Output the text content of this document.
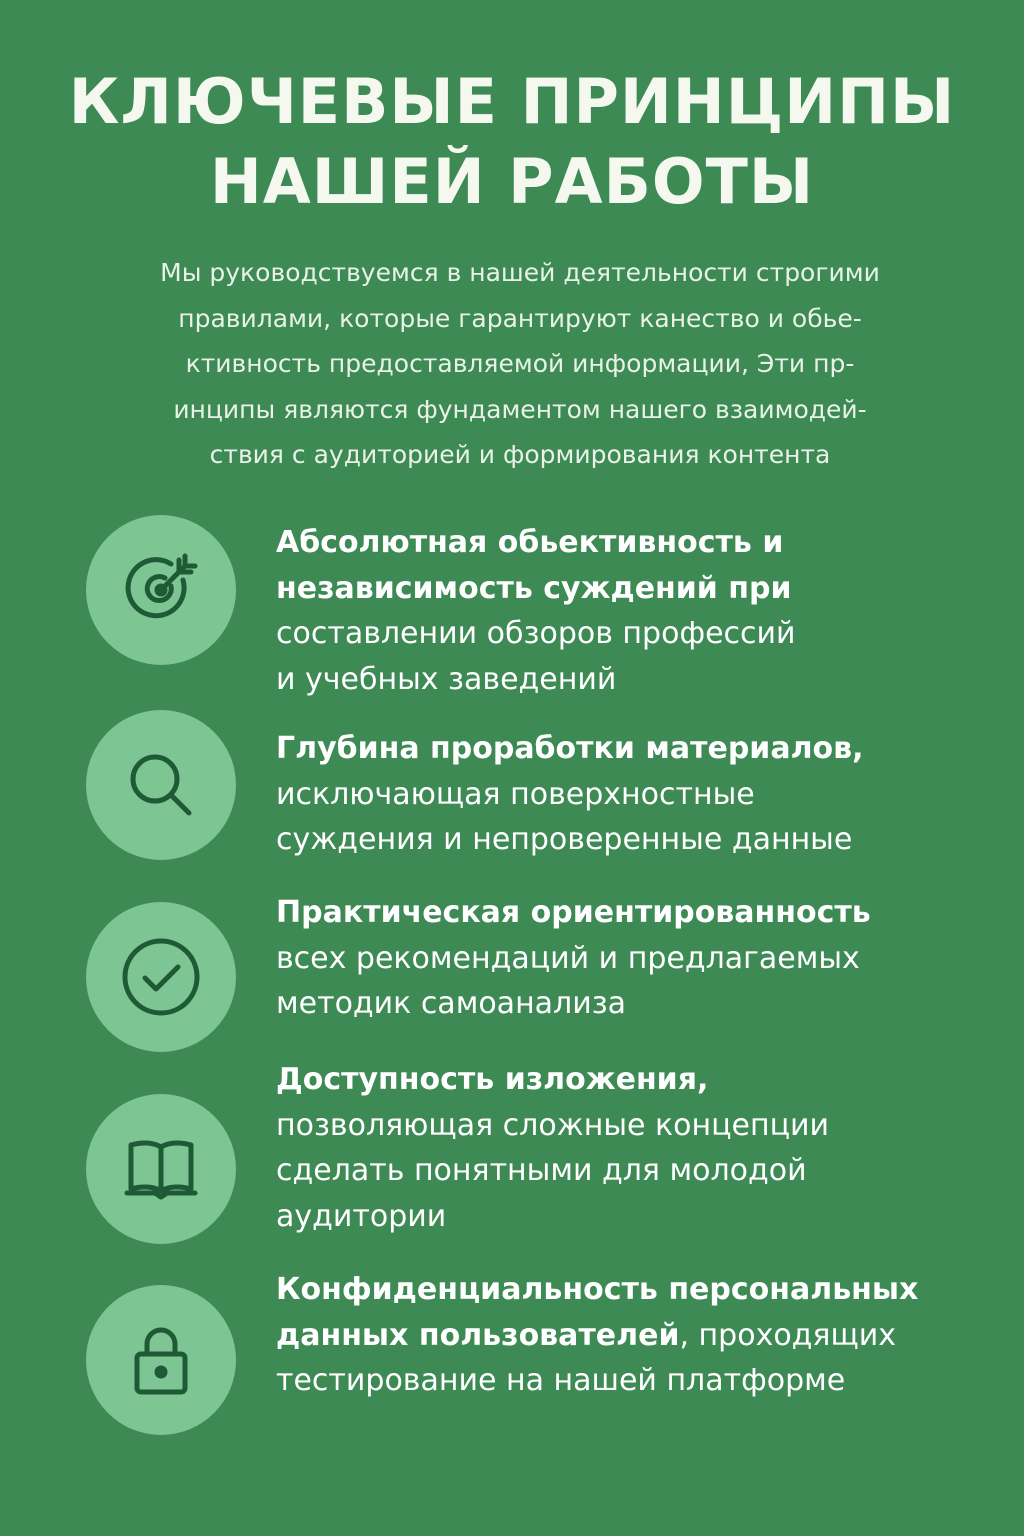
КЛЮЧЕВЫЕ ПРИНЦИПЫ
НАШЕЙ РАБОТЫ

Мы руководствуемся в нашей деятельности строгими
правилами, которые гарантируют канество и обье-
ктивность предоставляемой информации, Эти пр-
инципы являются фундаментом нашего взаимодей-
ствия с аудиторией и формирования контента

Абсолютная обьективность и
независимость суждений при
составлении обзоров профессий
и учебных заведений

Глубина проработки материалов,
исключающая поверхностные
суждения и непроверенные данные

Практическая ориентированность
всех рекомендаций и предлагаемых
методик самоанализа

Доступность изложения,
позволяющая сложные концепции
сделать понятными для молодой
аудитории

Конфиденциальность персональных
данных пользователей, проходящих
тестирование на нашей платформе
